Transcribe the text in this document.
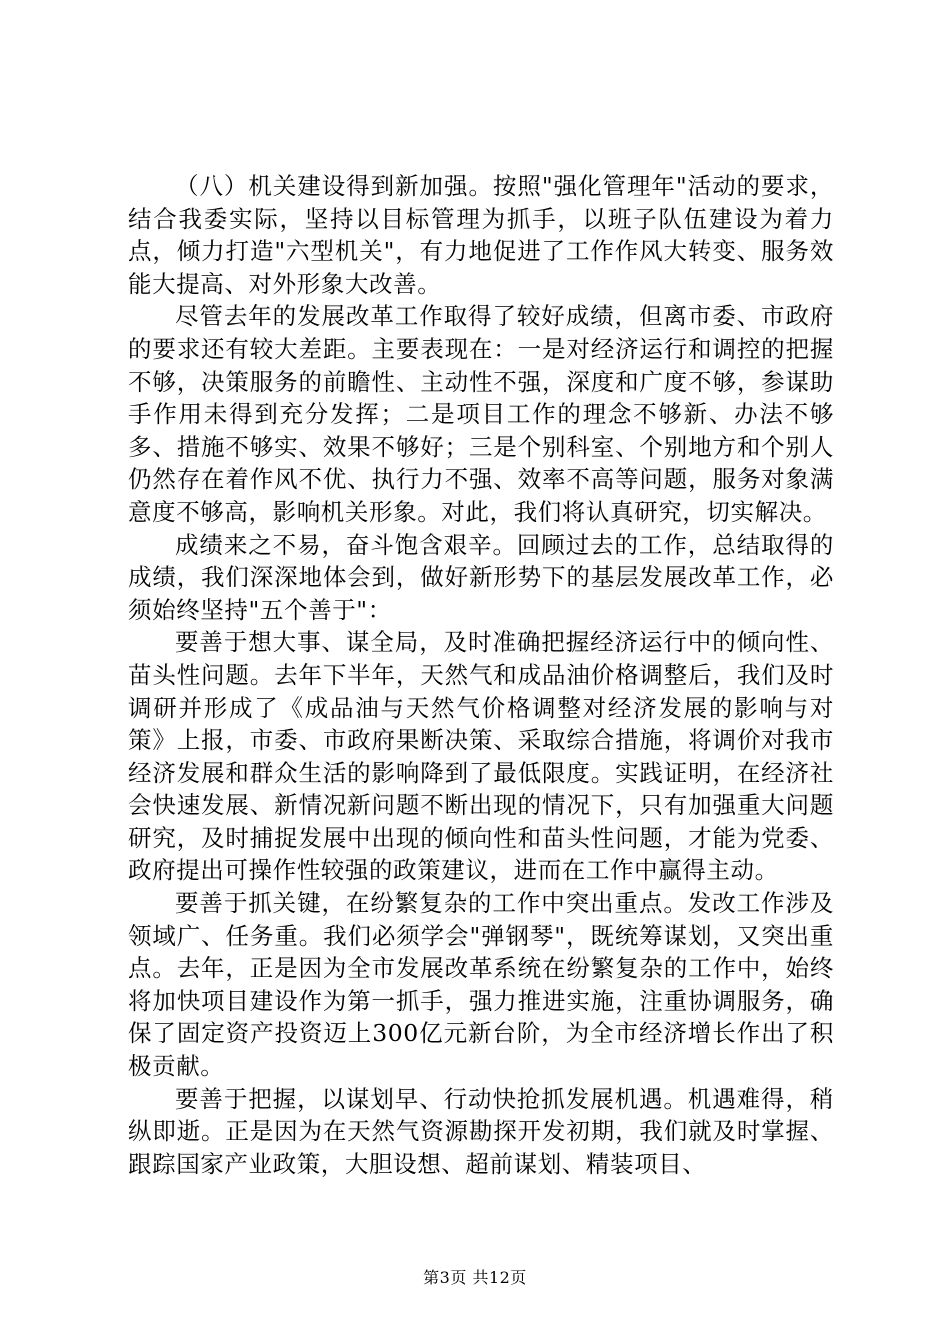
（八）机关建设得到新加强。按照"强化管理年"活动的要求，结合我委实际，坚持以目标管理为抓手，以班子队伍建设为着力点，倾力打造"六型机关"，有力地促进了工作作风大转变、服务效能大提高、对外形象大改善。

尽管去年的发展改革工作取得了较好成绩，但离市委、市政府的要求还有较大差距。主要表现在：一是对经济运行和调控的把握不够，决策服务的前瞻性、主动性不强，深度和广度不够，参谋助手作用未得到充分发挥；二是项目工作的理念不够新、办法不够多、措施不够实、效果不够好；三是个别科室、个别地方和个别人仍然存在着作风不优、执行力不强、效率不高等问题，服务对象满意度不够高，影响机关形象。对此，我们将认真研究，切实解决。

成绩来之不易，奋斗饱含艰辛。回顾过去的工作，总结取得的成绩，我们深深地体会到，做好新形势下的基层发展改革工作，必须始终坚持"五个善于"：

要善于想大事、谋全局，及时准确把握经济运行中的倾向性、苗头性问题。去年下半年，天然气和成品油价格调整后，我们及时调研并形成了《成品油与天然气价格调整对经济发展的影响与对策》上报，市委、市政府果断决策、采取综合措施，将调价对我市经济发展和群众生活的影响降到了最低限度。实践证明，在经济社会快速发展、新情况新问题不断出现的情况下，只有加强重大问题研究，及时捕捉发展中出现的倾向性和苗头性问题，才能为党委、政府提出可操作性较强的政策建议，进而在工作中赢得主动。

要善于抓关键，在纷繁复杂的工作中突出重点。发改工作涉及领域广、任务重。我们必须学会"弹钢琴"，既统筹谋划，又突出重点。去年，正是因为全市发展改革系统在纷繁复杂的工作中，始终将加快项目建设作为第一抓手，强力推进实施，注重协调服务，确保了固定资产投资迈上300亿元新台阶，为全市经济增长作出了积极贡献。

要善于把握，以谋划早、行动快抢抓发展机遇。机遇难得，稍纵即逝。正是因为在天然气资源勘探开发初期，我们就及时掌握、跟踪国家产业政策，大胆设想、超前谋划、精装项目、

第3页 共12页
